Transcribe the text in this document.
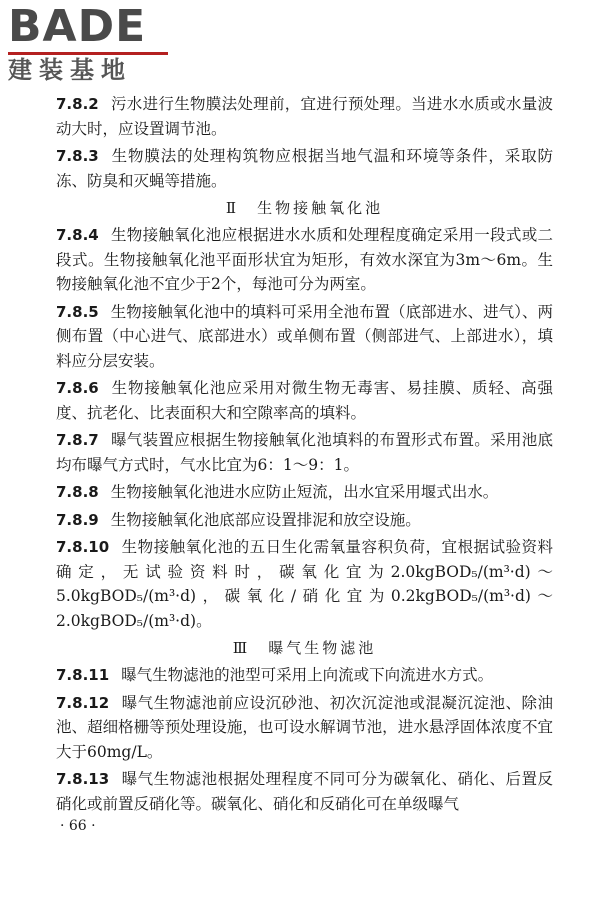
BADE
建装基地

7.8.2 污水进行生物膜法处理前，宜进行预处理。当进水水质或水量波动大时，应设置调节池。

7.8.3 生物膜法的处理构筑物应根据当地气温和环境等条件，采取防冻、防臭和灭蝇等措施。

Ⅱ 生物接触氧化池

7.8.4 生物接触氧化池应根据进水水质和处理程度确定采用一段式或二段式。生物接触氧化池平面形状宜为矩形，有效水深宜为3m～6m。生物接触氧化池不宜少于2个，每池可分为两室。

7.8.5 生物接触氧化池中的填料可采用全池布置（底部进水、进气）、两侧布置（中心进气、底部进水）或单侧布置（侧部进气、上部进水），填料应分层安装。

7.8.6 生物接触氧化池应采用对微生物无毒害、易挂膜、质轻、高强度、抗老化、比表面积大和空隙率高的填料。

7.8.7 曝气装置应根据生物接触氧化池填料的布置形式布置。采用池底均布曝气方式时，气水比宜为6：1～9：1。

7.8.8 生物接触氧化池进水应防止短流，出水宜采用堰式出水。

7.8.9 生物接触氧化池底部应设置排泥和放空设施。

7.8.10 生物接触氧化池的五日生化需氧量容积负荷，宜根据试验资料确定，无试验资料时，碳氧化宜为2.0kgBOD₅/(m³·d)～5.0kgBOD₅/(m³·d)，碳氧化/硝化宜为0.2kgBOD₅/(m³·d)～2.0kgBOD₅/(m³·d)。

Ⅲ 曝气生物滤池

7.8.11 曝气生物滤池的池型可采用上向流或下向流进水方式。

7.8.12 曝气生物滤池前应设沉砂池、初次沉淀池或混凝沉淀池、除油池、超细格栅等预处理设施，也可设水解调节池，进水悬浮固体浓度不宜大于60mg/L。

7.8.13 曝气生物滤池根据处理程度不同可分为碳氧化、硝化、后置反硝化或前置反硝化等。碳氧化、硝化和反硝化可在单级曝气

· 66 ·
